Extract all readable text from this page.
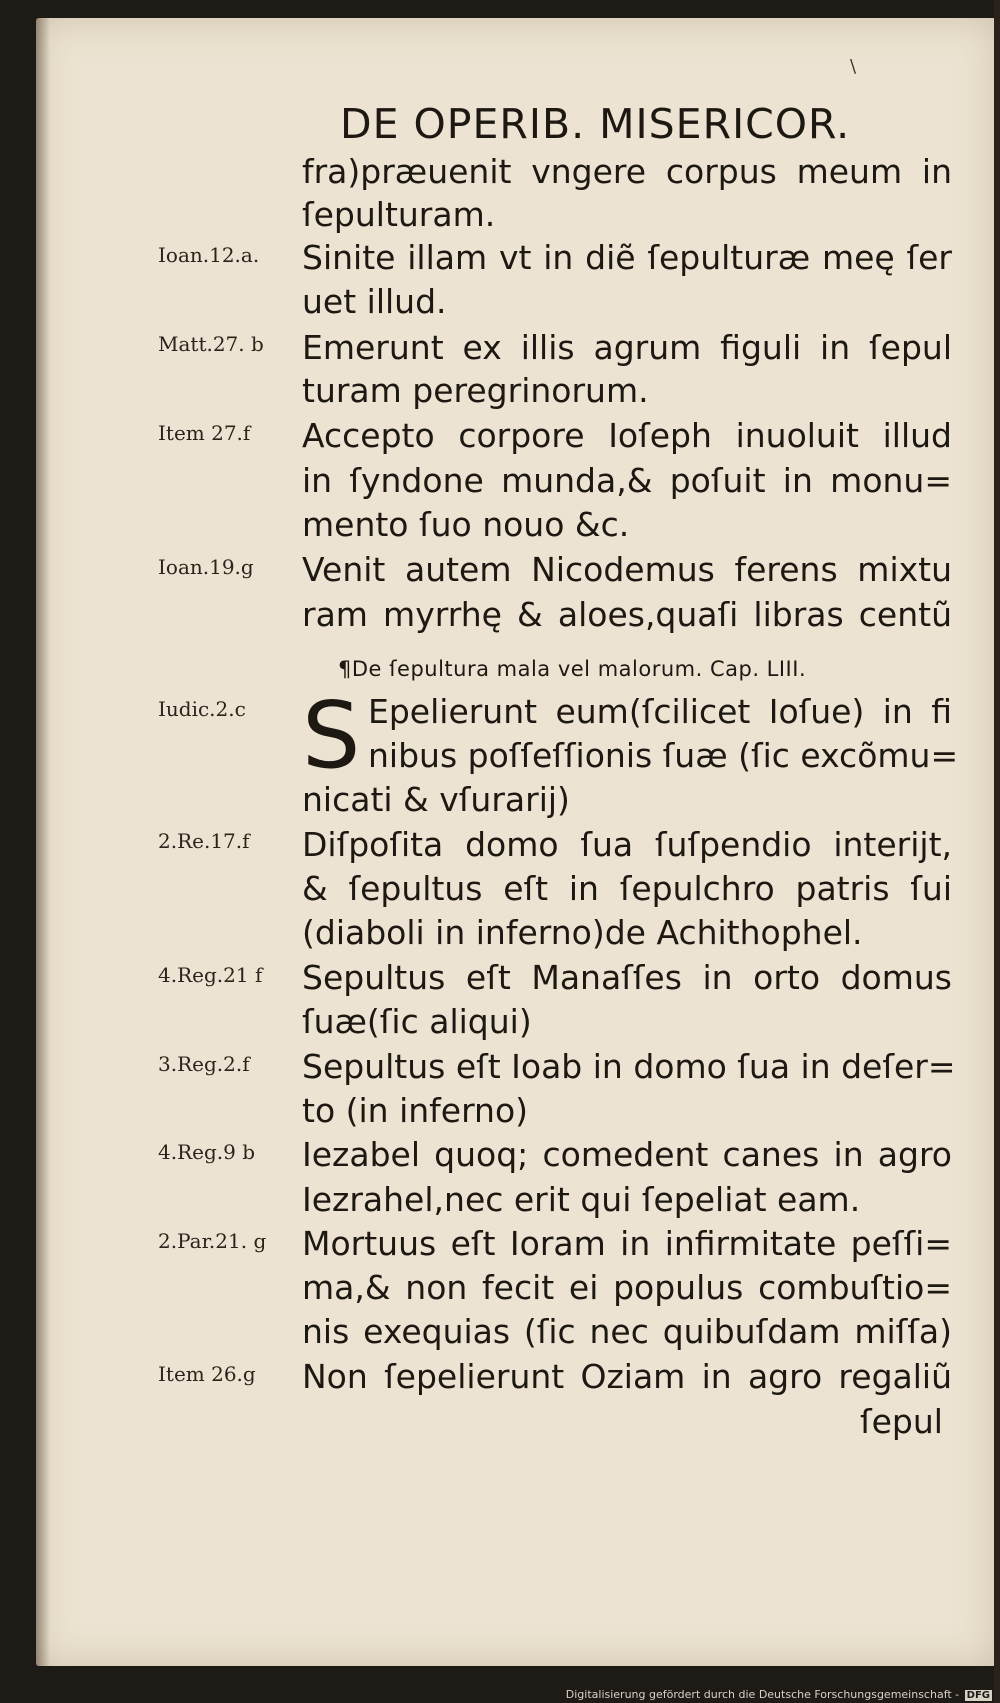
\
DE OPERIB. MISERICOR.
fra)præuenit vngere corpus meum in
ſepulturam.
Ioan.12.a.	Sinite illam vt in diẽ ſepulturæ meę ſer
uet illud.
Matt.27. b	Emerunt ex illis agrum figuli in ſepul
turam peregrinorum.
Item 27.f	Accepto corpore Ioſeph inuoluit illud
in ſyndone munda,& poſuit in monu=
mento ſuo nouo &c.
Ioan.19.g	Venit autem Nicodemus ferens mixtu
ram myrrhę & aloes,quaſi libras centũ
¶De ſepultura mala vel malorum. Cap. LIII.
Iudic.2.c S Epelierunt eum(ſcilicet Ioſue) in fi
nibus poſſeſſionis ſuæ (ſic excõmu=
nicati & vſurarij)
2.Re.17.f	Diſpoſita domo ſua ſuſpendio interijt,
& ſepultus eſt in ſepulchro patris ſui
(diaboli in inferno)de Achithophel.
4.Reg.21 f	Sepultus eſt Manaſſes in orto domus
ſuæ(ſic aliqui)
3.Reg.2.f	Sepultus eſt Ioab in domo ſua in deſer=
to (in inferno)
4.Reg.9 b	Iezabel quoq; comedent canes in agro
Iezrahel,nec erit qui ſepeliat eam.
2.Par.21. g	Mortuus eſt Ioram in infirmitate peſſi=
ma,& non fecit ei populus combuſtio=
nis exequias (ſic nec quibuſdam miſſa)
Item 26.g	Non ſepelierunt Oziam in agro regaliũ
ſepul
Digitalisierung gefördert durch die Deutsche Forschungsgemeinschaft - DFG
